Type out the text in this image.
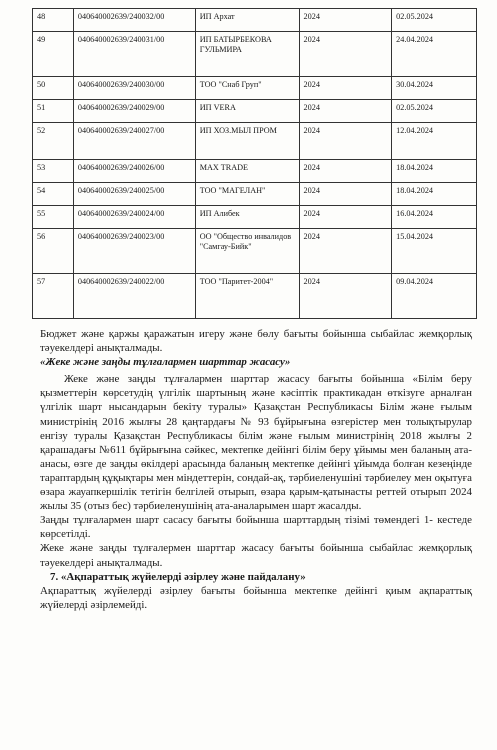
48	040640002639/240032/00	ИП Архат	2024	02.05.2024
49	040640002639/240031/00	ИП БАТЫРБЕКОВА ГУЛЬМИРА	2024	24.04.2024
50	040640002639/240030/00	ТОО "Снаб Груп"	2024	30.04.2024
51	040640002639/240029/00	ИП VERA	2024	02.05.2024
52	040640002639/240027/00	ИП ХОЗ.МЫЛ ПРОМ	2024	12.04.2024
53	040640002639/240026/00	MAX TRADE	2024	18.04.2024
54	040640002639/240025/00	ТОО "МАГЕЛАН"	2024	18.04.2024
55	040640002639/240024/00	ИП Алибек	2024	16.04.2024
56	040640002639/240023/00	ОО "Общество инвалидов "Самгау-Бийк"	2024	15.04.2024
57	040640002639/240022/00	ТОО "Паритет-2004"	2024	09.04.2024

Бюджет және қаржы қаражатын игеру және бөлу бағыты бойынша сыбайлас жемқорлық тәуекелдері анықталмады.

«Жеке және заңды тұлғалармен шарттар жасасу»

Жеке және заңды тұлғалармен шарттар жасасу бағыты бойынша «Білім беру қызметтерін көрсетудің үлгілік шартының және кәсіптік практикадан өткізуге арналған үлгілік шарт нысандарын бекіту туралы» Қазақстан Республикасы Білім және ғылым министрінің 2016 жылғы 28 қаңтардағы № 93 бұйрығына өзгерістер мен толықтырулар енгізу туралы Қазақстан Республикасы білім және ғылым министрінің 2018 жылғы 2 қарашадағы №611 бұйрығына сәйкес, мектепке дейінгі білім беру ұйымы мен баланың ата-анасы, өзге де заңды өкілдері арасында баланың мектепке дейінгі ұйымда болған кезеңінде тараптардың құқықтары мен міндеттерін, сондай-ақ, тәрбиеленушіні тәрбиелеу мен оқытуға өзара жауапкершілік тетігін белгілей отырып, өзара қарым-қатынасты реттей отырып 2024 жылы 35 (отыз бес) тәрбиеленушінің ата-аналарымен шарт жасалды.

Заңды тұлғалармен шарт сасасу бағыты бойынша шарттардың тізімі төмендегі 1- кестеде көрсетілді.

Жеке және заңды тұлғалермен шарттар жасасу бағыты бойынша сыбайлас жемқорлық тәуекелдері анықталмады.

7. «Ақпараттық жүйелерді әзірлеу және пайдалану»

Ақпараттық жүйелерді әзірлеу бағыты бойынша мектепке дейінгі қиым ақпараттық жүйелерді әзірлемейді.
